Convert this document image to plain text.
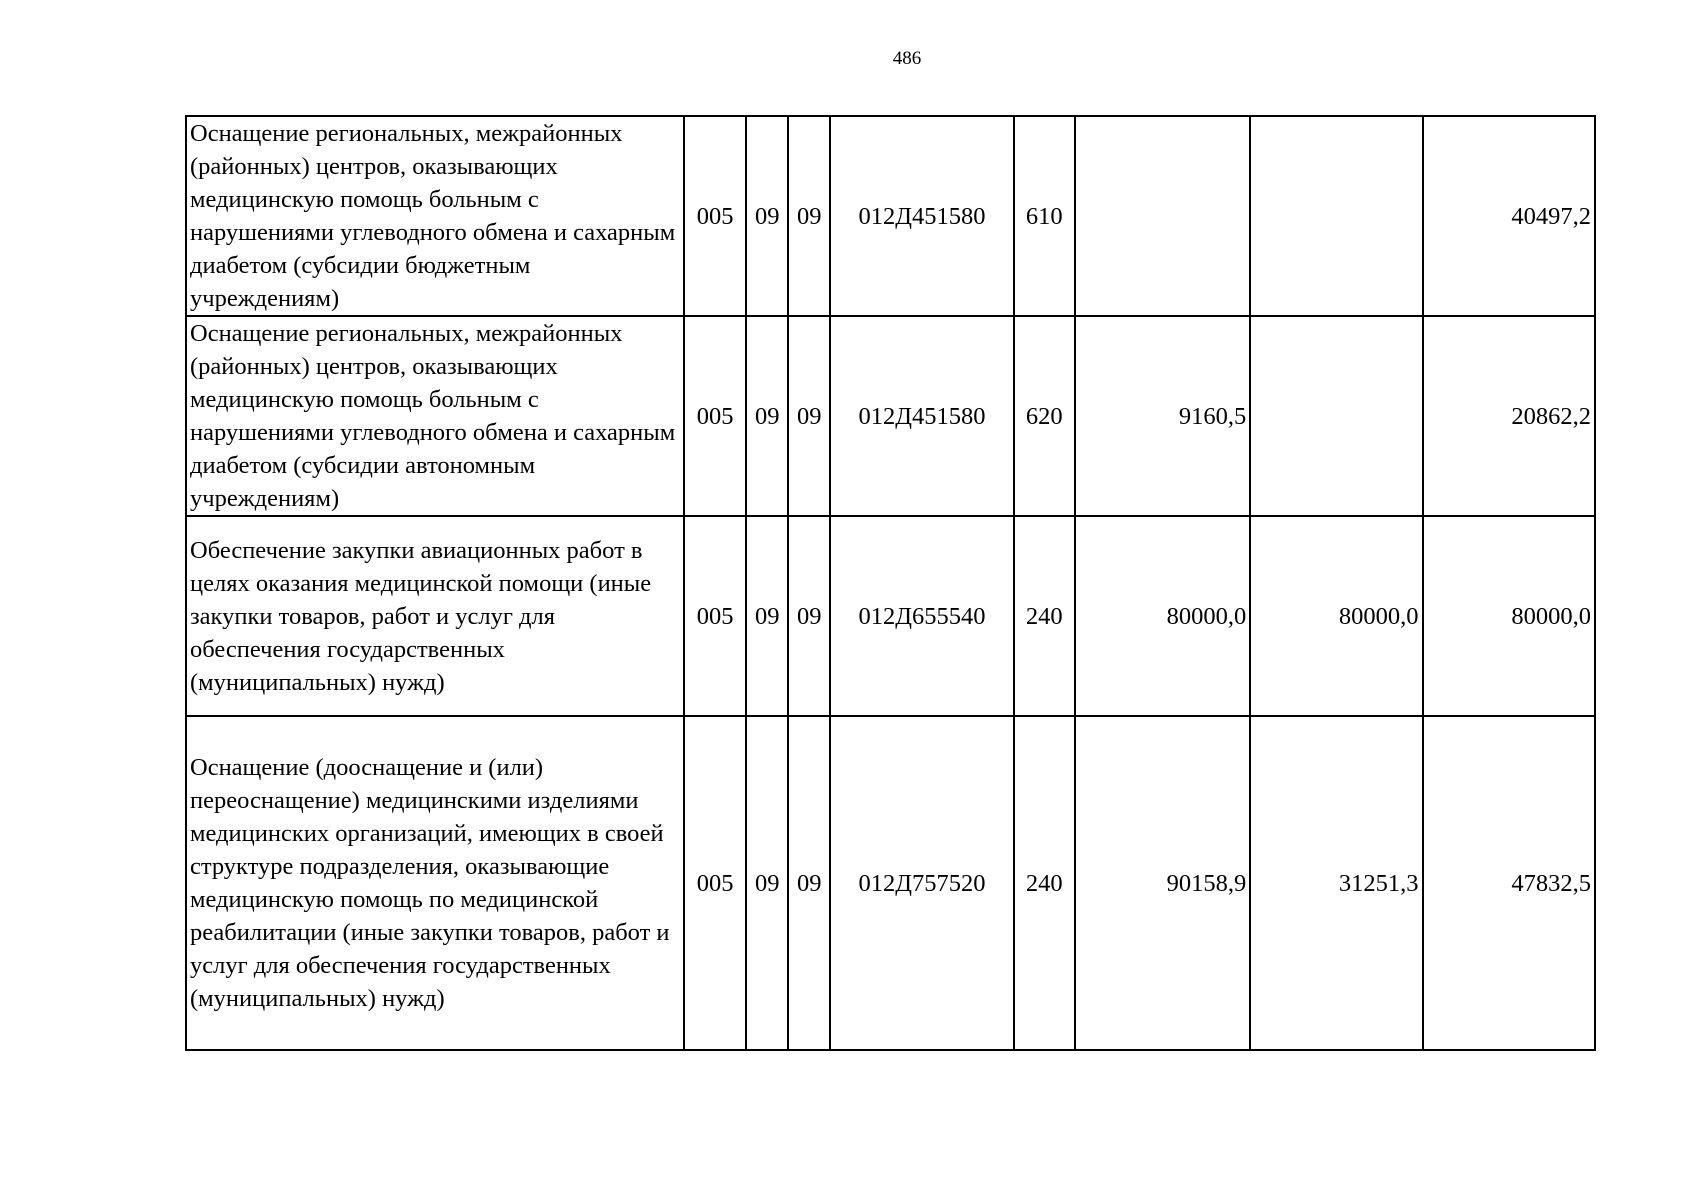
486
Оснащение региональных, межрайонных (районных) центров, оказывающих медицинскую помощь больным с нарушениями углеводного обмена и сахарным диабетом (субсидии бюджетным учреждениям)	005	09	09	012Д451580	610			40497,2
Оснащение региональных, межрайонных (районных) центров, оказывающих медицинскую помощь больным с нарушениями углеводного обмена и сахарным диабетом (субсидии автономным учреждениям)	005	09	09	012Д451580	620	9160,5		20862,2
Обеспечение закупки авиационных работ в целях оказания медицинской помощи (иные закупки товаров, работ и услуг для обеспечения государственных (муниципальных) нужд)	005	09	09	012Д655540	240	80000,0	80000,0	80000,0
Оснащение (дооснащение и (или) переоснащение) медицинскими изделиями медицинских организаций, имеющих в своей структуре подразделения, оказывающие медицинскую помощь по медицинской реабилитации (иные закупки товаров, работ и услуг для обеспечения государственных (муниципальных) нужд)	005	09	09	012Д757520	240	90158,9	31251,3	47832,5
